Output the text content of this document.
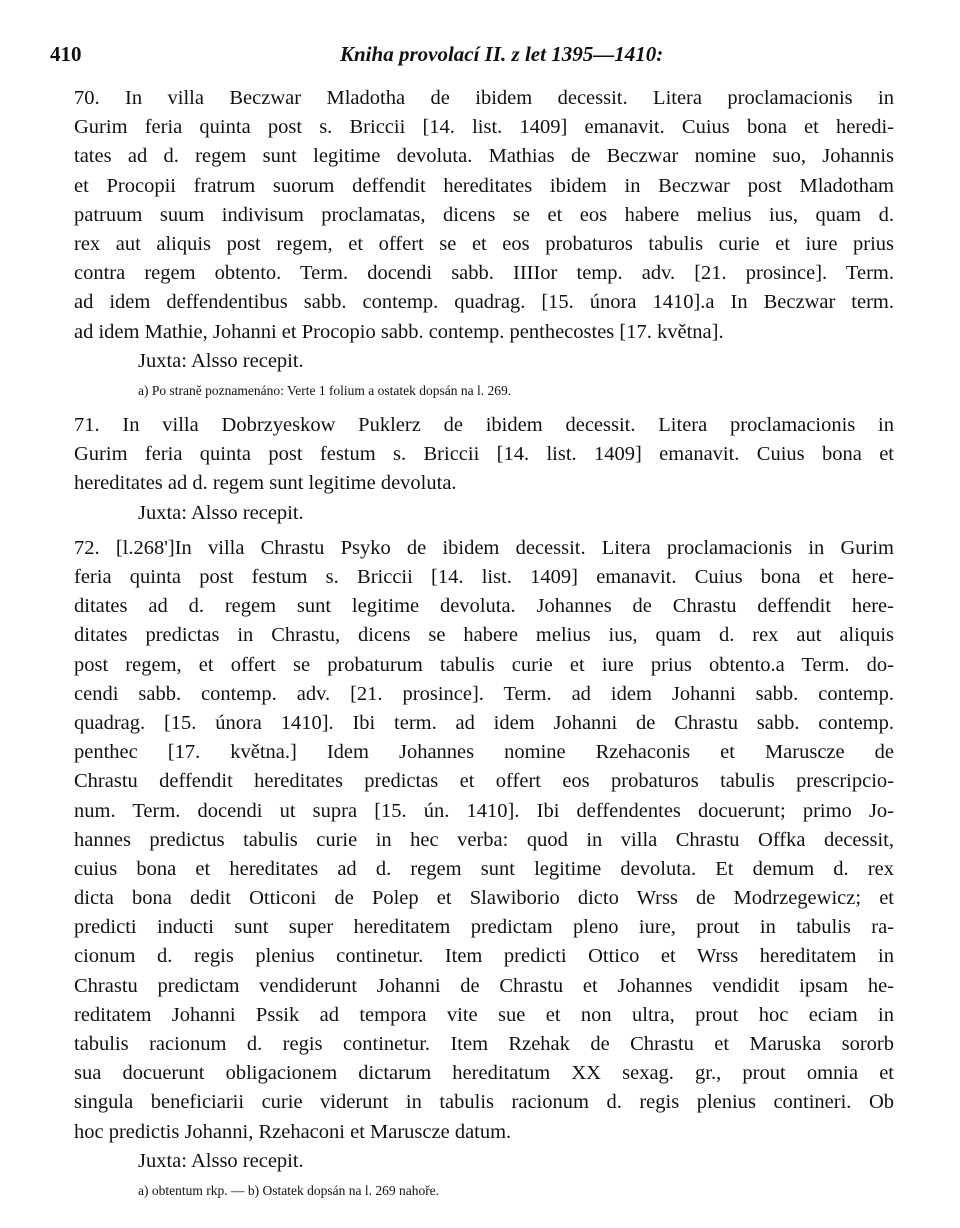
410	Kniha provolací II. z let 1395—1410:
70. In villa Beczwar Mladotha de ibidem decessit. Litera proclamacionis in
Gurim feria quinta post s. Briccii [14. list. 1409] emanavit. Cuius bona et heredi-
tates ad d. regem sunt legitime devoluta. Mathias de Beczwar nomine suo, Johannis
et Procopii fratrum suorum deffendit hereditates ibidem in Beczwar post Mladotham
patruum suum indivisum proclamatas, dicens se et eos habere melius ius, quam d.
rex aut aliquis post regem, et offert se et eos probaturos tabulis curie et iure prius
contra regem obtento. Term. docendi sabb. IIIIor temp. adv. [21. prosince]. Term.
ad idem deffendentibus sabb. contemp. quadrag. [15. února 1410].a In Beczwar term.
ad idem Mathie, Johanni et Procopio sabb. contemp. penthecostes [17. května].
Juxta: Alsso recepit.
a) Po straně poznamenáno: Verte 1 folium a ostatek dopsán na l. 269.
71. In villa Dobrzyeskow Puklerz de ibidem decessit. Litera proclamacionis in
Gurim feria quinta post festum s. Briccii [14. list. 1409] emanavit. Cuius bona et
hereditates ad d. regem sunt legitime devoluta.
Juxta: Alsso recepit.
72. [l.268']In villa Chrastu Psyko de ibidem decessit. Litera proclamacionis in Gurim
feria quinta post festum s. Briccii [14. list. 1409] emanavit. Cuius bona et here-
ditates ad d. regem sunt legitime devoluta. Johannes de Chrastu deffendit here-
ditates predictas in Chrastu, dicens se habere melius ius, quam d. rex aut aliquis
post regem, et offert se probaturum tabulis curie et iure prius obtento.a Term. do-
cendi sabb. contemp. adv. [21. prosince]. Term. ad idem Johanni sabb. contemp.
quadrag. [15. února 1410]. Ibi term. ad idem Johanni de Chrastu sabb. contemp.
penthec [17. května.] Idem Johannes nomine Rzehaconis et Maruscze de
Chrastu deffendit hereditates predictas et offert eos probaturos tabulis prescripcio-
num. Term. docendi ut supra [15. ún. 1410]. Ibi deffendentes docuerunt; primo Jo-
hannes predictus tabulis curie in hec verba: quod in villa Chrastu Offka decessit,
cuius bona et hereditates ad d. regem sunt legitime devoluta. Et demum d. rex
dicta bona dedit Otticoni de Polep et Slawiborio dicto Wrss de Modrzegewicz; et
predicti inducti sunt super hereditatem predictam pleno iure, prout in tabulis ra-
cionum d. regis plenius continetur. Item predicti Ottico et Wrss hereditatem in
Chrastu predictam vendiderunt Johanni de Chrastu et Johannes vendidit ipsam he-
reditatem Johanni Pssik ad tempora vite sue et non ultra, prout hoc eciam in
tabulis racionum d. regis continetur. Item Rzehak de Chrastu et Maruska sororb
sua docuerunt obligacionem dictarum hereditatum XX sexag. gr., prout omnia et
singula beneficiarii curie viderunt in tabulis racionum d. regis plenius contineri. Ob
hoc predictis Johanni, Rzehaconi et Maruscze datum.
Juxta: Alsso recepit.
a) obtentum rkp. — b) Ostatek dopsán na l. 269 nahoře.
